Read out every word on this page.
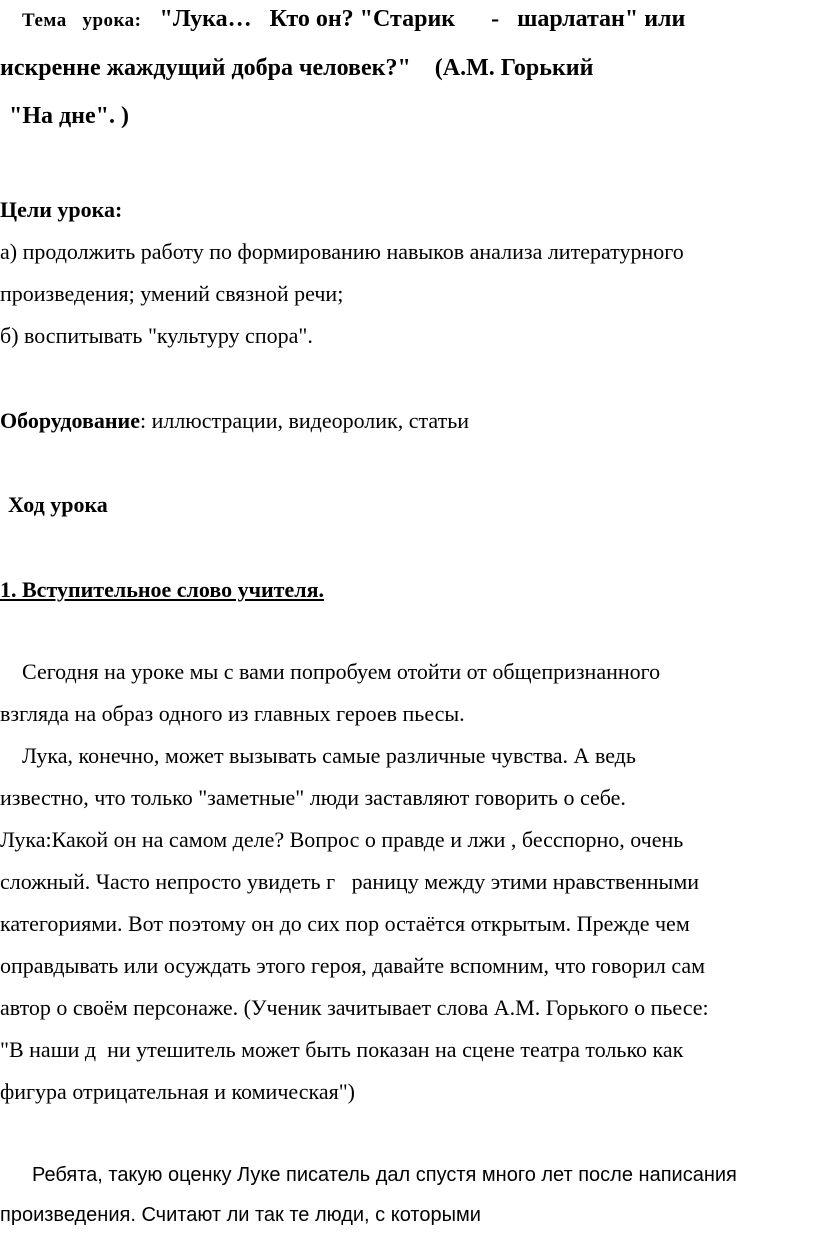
Тема   урока: "Лука…   Кто он? "Старик      -   шарлатан" или
искренне жаждущий добра человек?"    (А.М. Горький
"На дне". )
Цели урока:
а) продолжить работу по формированию навыков анализа литературного
произведения; умений связной речи;
б) воспитывать "культуру спора".
Оборудование: иллюстрации, видеоролик, статьи
Ход урока
1. Вступительное слово учителя.
Сегодня на уроке мы с вами попробуем отойти от общепризнанного
взгляда на образ одного из главных героев пьесы.
Лука, конечно, может вызывать самые различные чувства. А ведь
известно, что только "заметные" люди заставляют говорить о себе.
Лука:Какой он на самом деле? Вопрос о правде и лжи , бесспорно, очень
сложный. Часто непросто увидеть г   раницу между этими нравственными
категориями. Вот поэтому он до сих пор остаётся открытым. Прежде чем
оправдывать или осуждать этого героя, давайте вспомним, что говорил сам
автор о своём персонаже. (Ученик зачитывает слова А.М. Горького о пьесе:
"В наши д  ни утешитель может быть показан на сцене театра только как
фигура отрицательная и комическая")
Ребята, такую оценку Луке писатель дал спустя много лет после написания
произведения. Считают ли так те люди, с которыми
